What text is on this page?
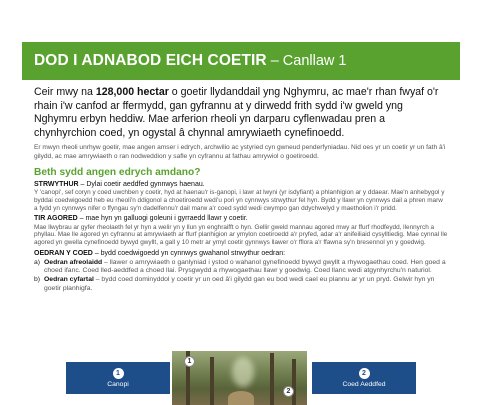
DOD I ADNABOD EICH COETIR – Canllaw 1

Ceir mwy na 128,000 hectar o goetir llydanddail yng Nghymru, ac mae'r rhan fwyaf o'r rhain i'w canfod ar ffermydd, gan gyfrannu at y dirwedd frith sydd i'w gweld yng Nghymru erbyn heddiw. Mae arferion rheoli yn darparu cyflenwadau pren a chynhyrchion coed, yn ogystal â chynnal amrywiaeth cynefinoedd.

Er mwyn rheoli unrhyw goetir, mae angen amser i edrych, archwilio ac ystyried cyn gwneud penderfyniadau. Nid oes yr un coetir yr un fath â'i gilydd, ac mae amrywiaeth o ran nodweddion y safle yn cyfrannu at fathau amrywiol o goetiroedd.

Beth sydd angen edrych amdano?

STRWYTHUR – Dylai coetir aeddfed gynnwys haenau.

Y 'canopi', sef coryn y coed uwchben y coetir, hyd at haenau'r is-ganopi, i lawr at lwyni (yr isdyfiant) a phlanhigion ar y ddaear. Mae'n anhebygol y byddai coedwigoedd heb eu rheoli'n ddigonol a choetiroedd wedi'u pori yn cynnwys strwythur fel hyn. Bydd y llawr yn cynnwys dail a phren marw a fydd yn cynnwys nifer o ffyngau sy'n dadelfennu'r dail marw a'r coed sydd wedi cwympo gan ddychwelyd y maetholion i'r pridd.

TIR AGORED – mae hyn yn galluogi goleuni i gyrraedd llawr y coetir.

Mae llwybrau ar gyfer rheolaeth fel yr hyn a welir yn y llun yn enghraifft o hyn. Gellir gweld mannau agored mwy ar ffurf rhodfeydd, llennyrch a phyllau. Mae lle agored yn cyfrannu at amrywiaeth ar ffurf planhigion ar ymylon coetiroedd a'r pryfed, adar a'r anifeiliaid cysylltiedig. Mae cynnal lle agored yn gwella cynefinoedd bywyd gwyllt, a gall y 10 metr ar ymyl coetir gynnwys llawer o'r fflora a'r ffawna sy'n bresennol yn y goedwig.

OEDRAN Y COED – bydd coedwigoedd yn cynnwys gwahanol strwythur oedran:

a) Oedran afreolaidd – llawer o amrywiaeth o ganlyniad i ystod o wahanol gynefinoedd bywyd gwyllt a rhywogaethau coed. Hen goed a choed ifanc. Coed lled-aeddfed a choed llai. Prysgwydd a rhywogaethau llawr y goedwig. Coed llanc wedi atgynhyrchu'n naturiol.
b) Oedran cyfartal – bydd coed dominyddol y coetir yr un oed â'i gilydd gan eu bod wedi cael eu plannu ar yr un pryd. Gelwir hyn yn goetir planhigfa.
1
Canopi
1
2
2
Coed Aeddfed
